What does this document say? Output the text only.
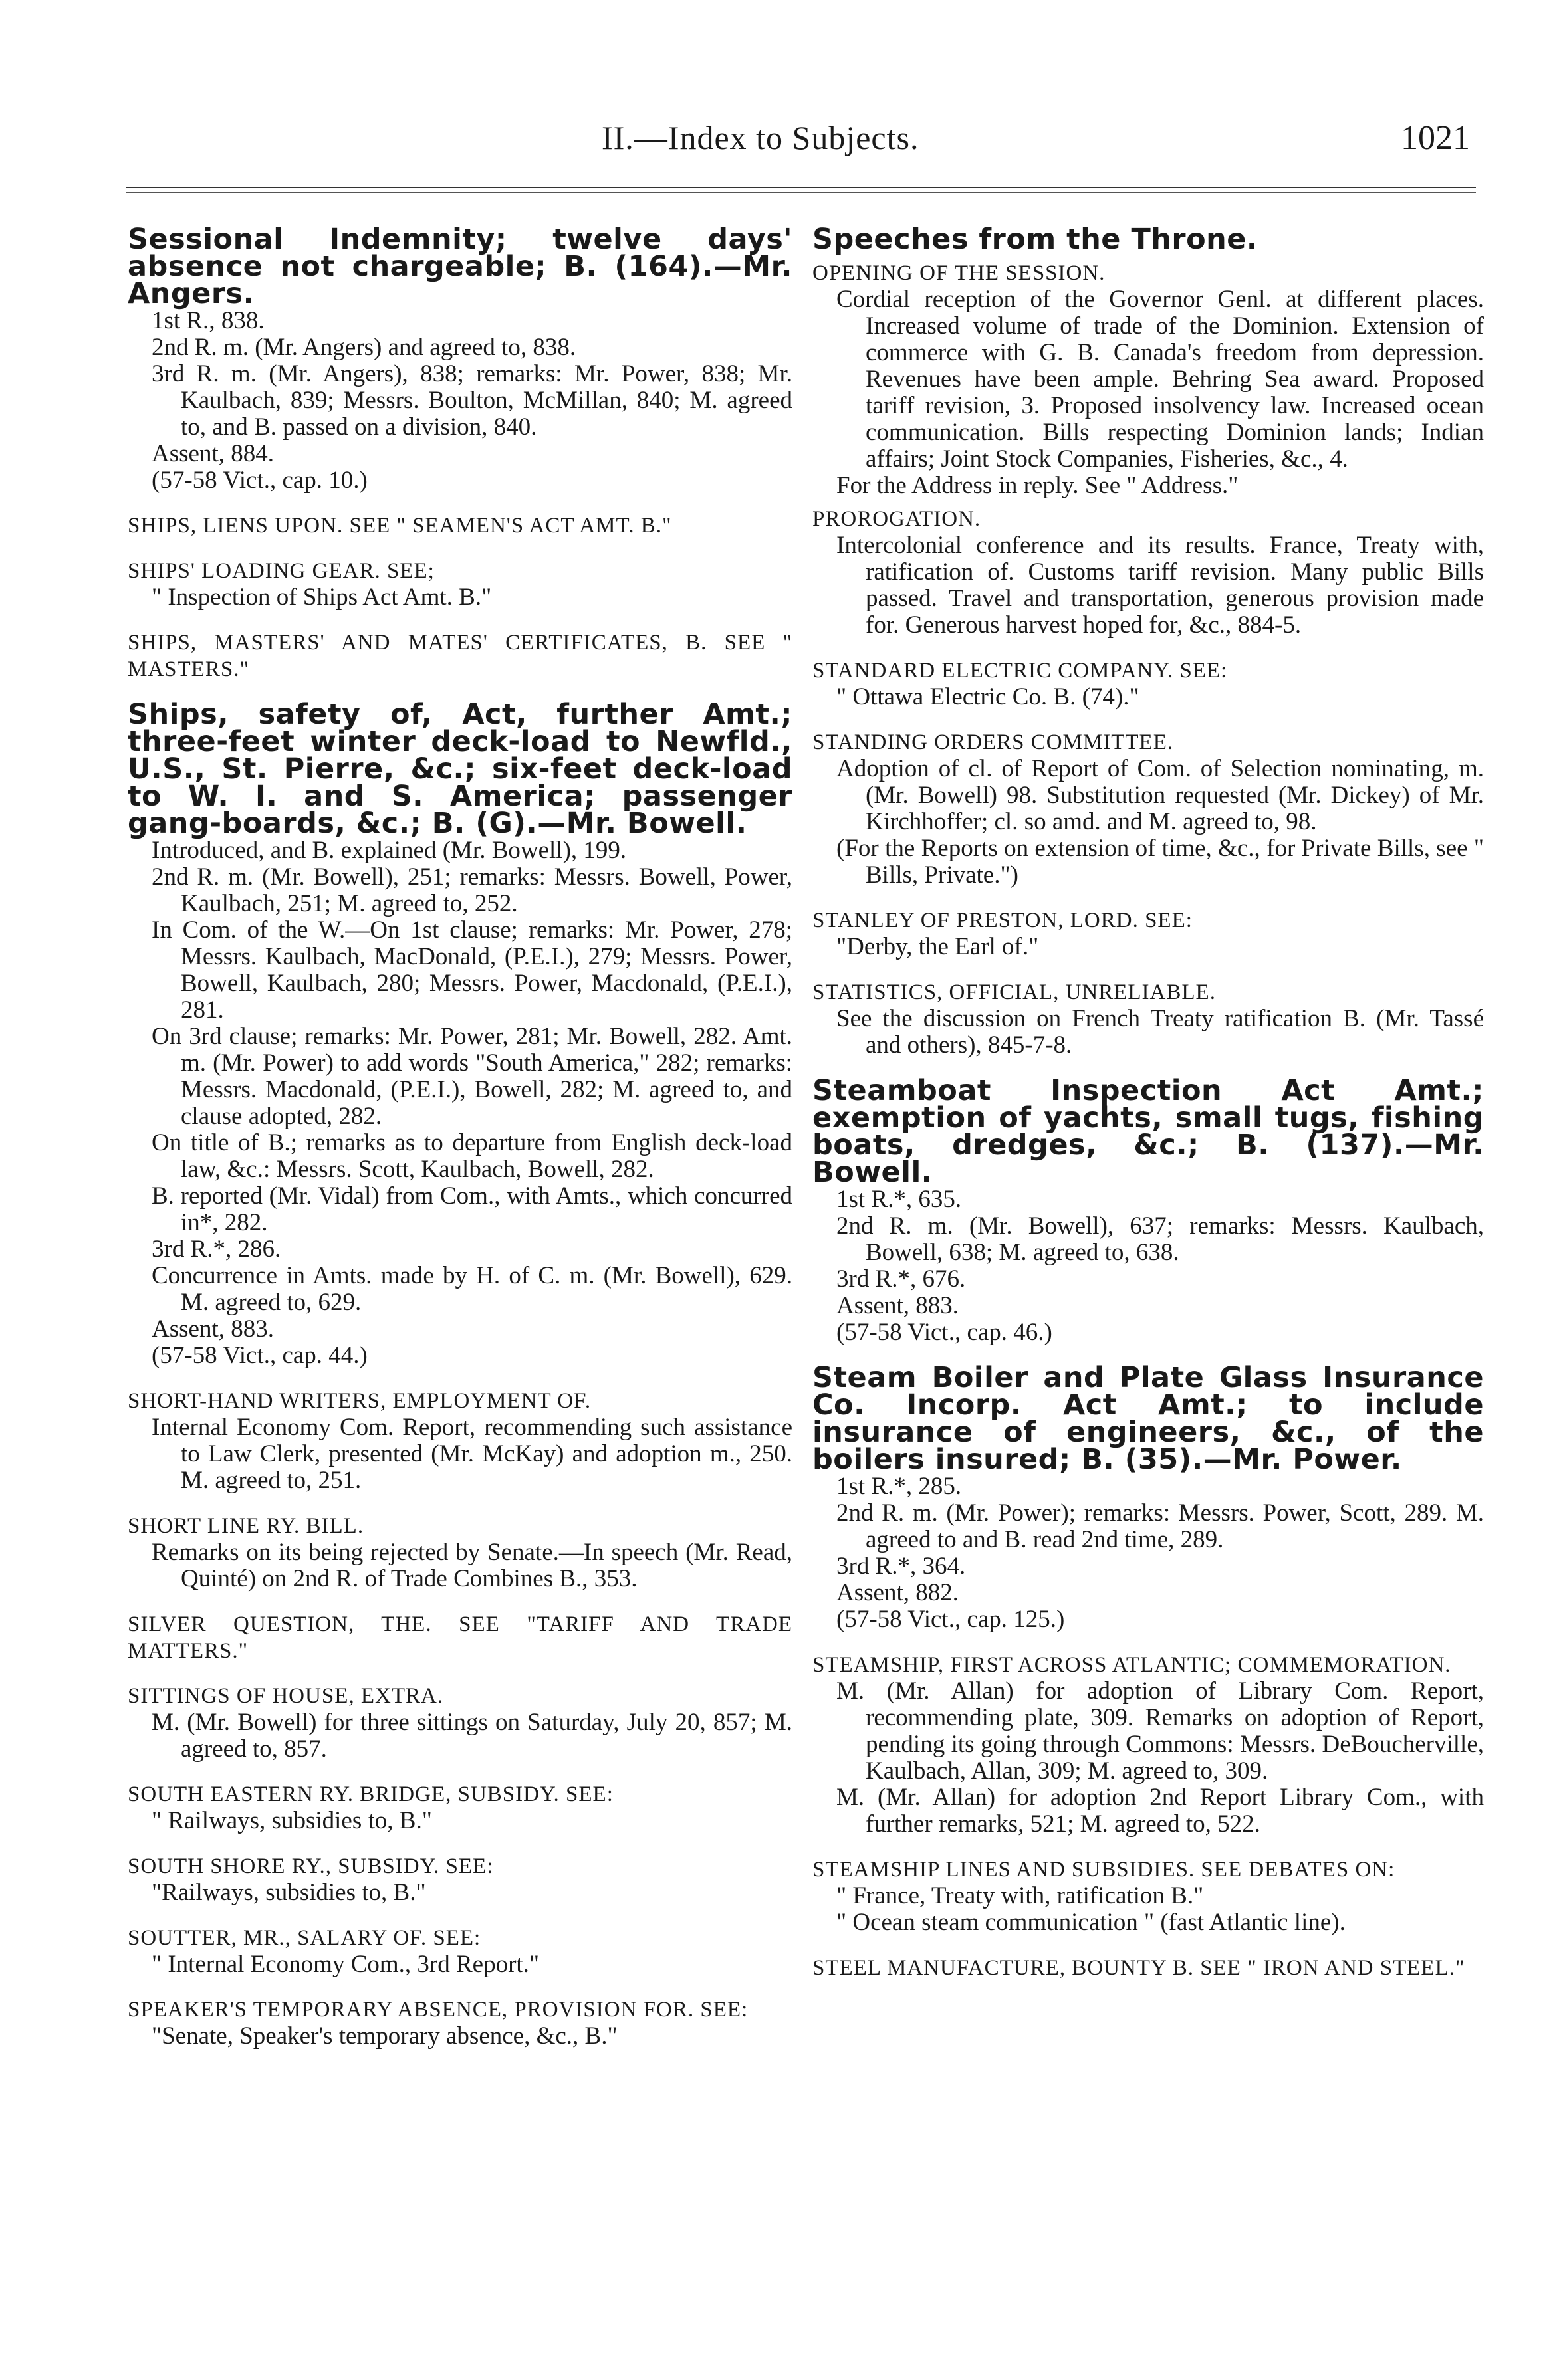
II.—Index to Subjects.	1021
Sessional Indemnity; twelve days' absence not chargeable; B. (164).—Mr. Angers.
1st R., 838.
2nd R. m. (Mr. Angers) and agreed to, 838.
3rd R. m. (Mr. Angers), 838; remarks: Mr. Power, 838; Mr. Kaulbach, 839; Messrs. Boulton, McMillan, 840; M. agreed to, and B. passed on a division, 840.
Assent, 884.
(57-58 Vict., cap. 10.)
SHIPS, LIENS UPON. SEE " SEAMEN'S ACT AMT. B."
SHIPS' LOADING GEAR. SEE;
" Inspection of Ships Act Amt. B."
SHIPS, MASTERS' AND MATES' CERTIFICATES, B. SEE " MASTERS."
Ships, safety of, Act, further Amt.; three-feet winter deck-load to Newfld., U.S., St. Pierre, &c.; six-feet deck-load to W. I. and S. America; passenger gang-boards, &c.; B. (G).—Mr. Bowell.
Introduced, and B. explained (Mr. Bowell), 199.
2nd R. m. (Mr. Bowell), 251; remarks: Messrs. Bowell, Power, Kaulbach, 251; M. agreed to, 252.
In Com. of the W.—On 1st clause; remarks: Mr. Power, 278; Messrs. Kaulbach, MacDonald, (P.E.I.), 279; Messrs. Power, Bowell, Kaulbach, 280; Messrs. Power, Macdonald, (P.E.I.), 281.
On 3rd clause; remarks: Mr. Power, 281; Mr. Bowell, 282. Amt. m. (Mr. Power) to add words "South America," 282; remarks: Messrs. Macdonald, (P.E.I.), Bowell, 282; M. agreed to, and clause adopted, 282.
On title of B.; remarks as to departure from English deck-load law, &c.: Messrs. Scott, Kaulbach, Bowell, 282.
B. reported (Mr. Vidal) from Com., with Amts., which concurred in*, 282.
3rd R.*, 286.
Concurrence in Amts. made by H. of C. m. (Mr. Bowell), 629. M. agreed to, 629.
Assent, 883.
(57-58 Vict., cap. 44.)
SHORT-HAND WRITERS, EMPLOYMENT OF.
Internal Economy Com. Report, recommending such assistance to Law Clerk, presented (Mr. McKay) and adoption m., 250. M. agreed to, 251.
SHORT LINE RY. BILL.
Remarks on its being rejected by Senate.—In speech (Mr. Read, Quinté) on 2nd R. of Trade Combines B., 353.
SILVER QUESTION, THE. SEE "TARIFF AND TRADE MATTERS."
SITTINGS OF HOUSE, EXTRA.
M. (Mr. Bowell) for three sittings on Saturday, July 20, 857; M. agreed to, 857.
SOUTH EASTERN RY. BRIDGE, SUBSIDY. SEE:
" Railways, subsidies to, B."
SOUTH SHORE RY., SUBSIDY. SEE:
"Railways, subsidies to, B."
SOUTTER, MR., SALARY OF. SEE:
" Internal Economy Com., 3rd Report."
SPEAKER'S TEMPORARY ABSENCE, PROVISION FOR. SEE:
"Senate, Speaker's temporary absence, &c., B."
Speeches from the Throne.
OPENING OF THE SESSION.
Cordial reception of the Governor Genl. at different places. Increased volume of trade of the Dominion. Extension of commerce with G. B. Canada's freedom from depression. Revenues have been ample. Behring Sea award. Proposed tariff revision, 3. Proposed insolvency law. Increased ocean communication. Bills respecting Dominion lands; Indian affairs; Joint Stock Companies, Fisheries, &c., 4.
For the Address in reply. See " Address."
PROROGATION.
Intercolonial conference and its results. France, Treaty with, ratification of. Customs tariff revision. Many public Bills passed. Travel and transportation, generous provision made for. Generous harvest hoped for, &c., 884-5.
STANDARD ELECTRIC COMPANY. SEE:
" Ottawa Electric Co. B. (74)."
STANDING ORDERS COMMITTEE.
Adoption of cl. of Report of Com. of Selection nominating, m. (Mr. Bowell) 98. Substitution requested (Mr. Dickey) of Mr. Kirchhoffer; cl. so amd. and M. agreed to, 98.
(For the Reports on extension of time, &c., for Private Bills, see " Bills, Private.")
STANLEY OF PRESTON, LORD. SEE:
"Derby, the Earl of."
STATISTICS, OFFICIAL, UNRELIABLE.
See the discussion on French Treaty ratification B. (Mr. Tassé and others), 845-7-8.
Steamboat Inspection Act Amt.; exemption of yachts, small tugs, fishing boats, dredges, &c.; B. (137).—Mr. Bowell.
1st R.*, 635.
2nd R. m. (Mr. Bowell), 637; remarks: Messrs. Kaulbach, Bowell, 638; M. agreed to, 638.
3rd R.*, 676.
Assent, 883.
(57-58 Vict., cap. 46.)
Steam Boiler and Plate Glass Insurance Co. Incorp. Act Amt.; to include insurance of engineers, &c., of the boilers insured; B. (35).—Mr. Power.
1st R.*, 285.
2nd R. m. (Mr. Power); remarks: Messrs. Power, Scott, 289. M. agreed to and B. read 2nd time, 289.
3rd R.*, 364.
Assent, 882.
(57-58 Vict., cap. 125.)
STEAMSHIP, FIRST ACROSS ATLANTIC; COMMEMORATION.
M. (Mr. Allan) for adoption of Library Com. Report, recommending plate, 309. Remarks on adoption of Report, pending its going through Commons: Messrs. DeBoucherville, Kaulbach, Allan, 309; M. agreed to, 309.
M. (Mr. Allan) for adoption 2nd Report Library Com., with further remarks, 521; M. agreed to, 522.
STEAMSHIP LINES AND SUBSIDIES. SEE DEBATES ON:
" France, Treaty with, ratification B."
" Ocean steam communication " (fast Atlantic line).
STEEL MANUFACTURE, BOUNTY B. SEE " IRON AND STEEL."
